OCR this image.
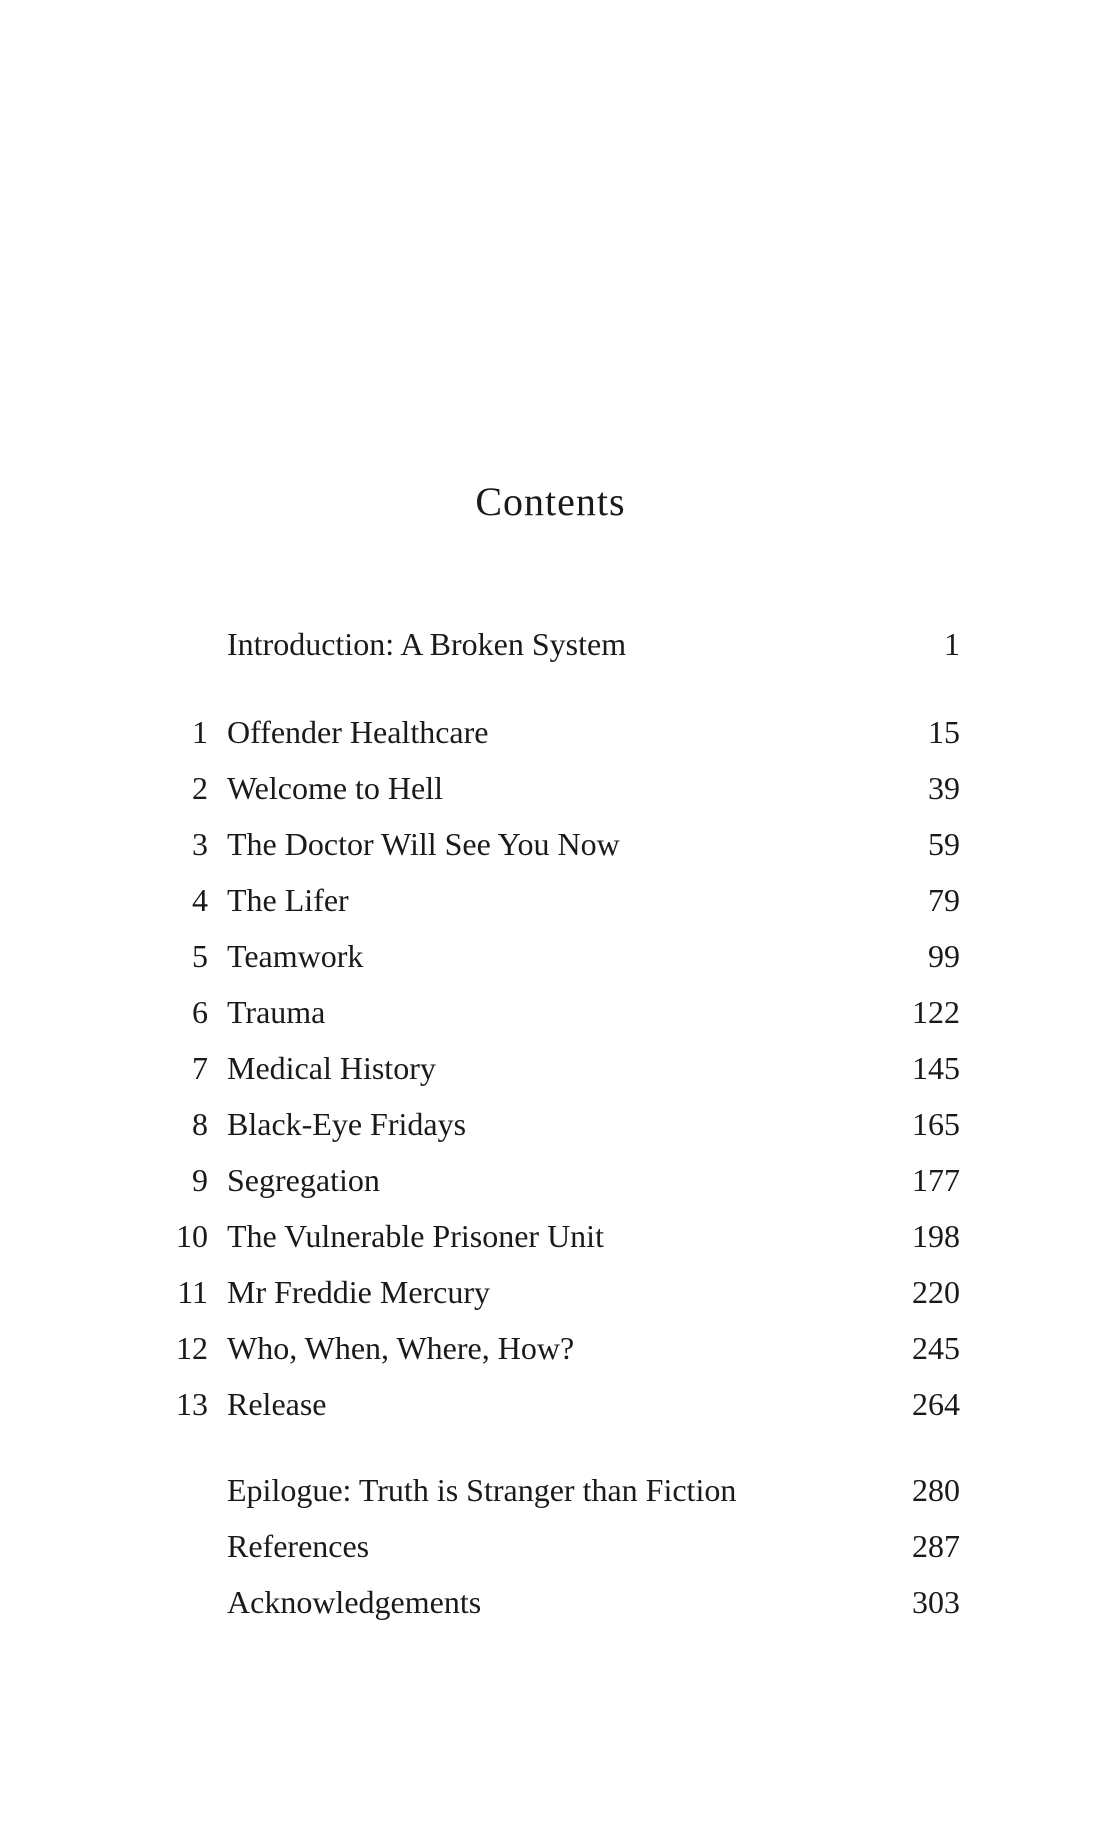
Contents
Introduction: A Broken System	1
1 Offender Healthcare	15
2 Welcome to Hell	39
3 The Doctor Will See You Now	59
4 The Lifer	79
5 Teamwork	99
6 Trauma	122
7 Medical History	145
8 Black-Eye Fridays	165
9 Segregation	177
10 The Vulnerable Prisoner Unit	198
11 Mr Freddie Mercury	220
12 Who, When, Where, How?	245
13 Release	264
Epilogue: Truth is Stranger than Fiction	280
References	287
Acknowledgements	303
